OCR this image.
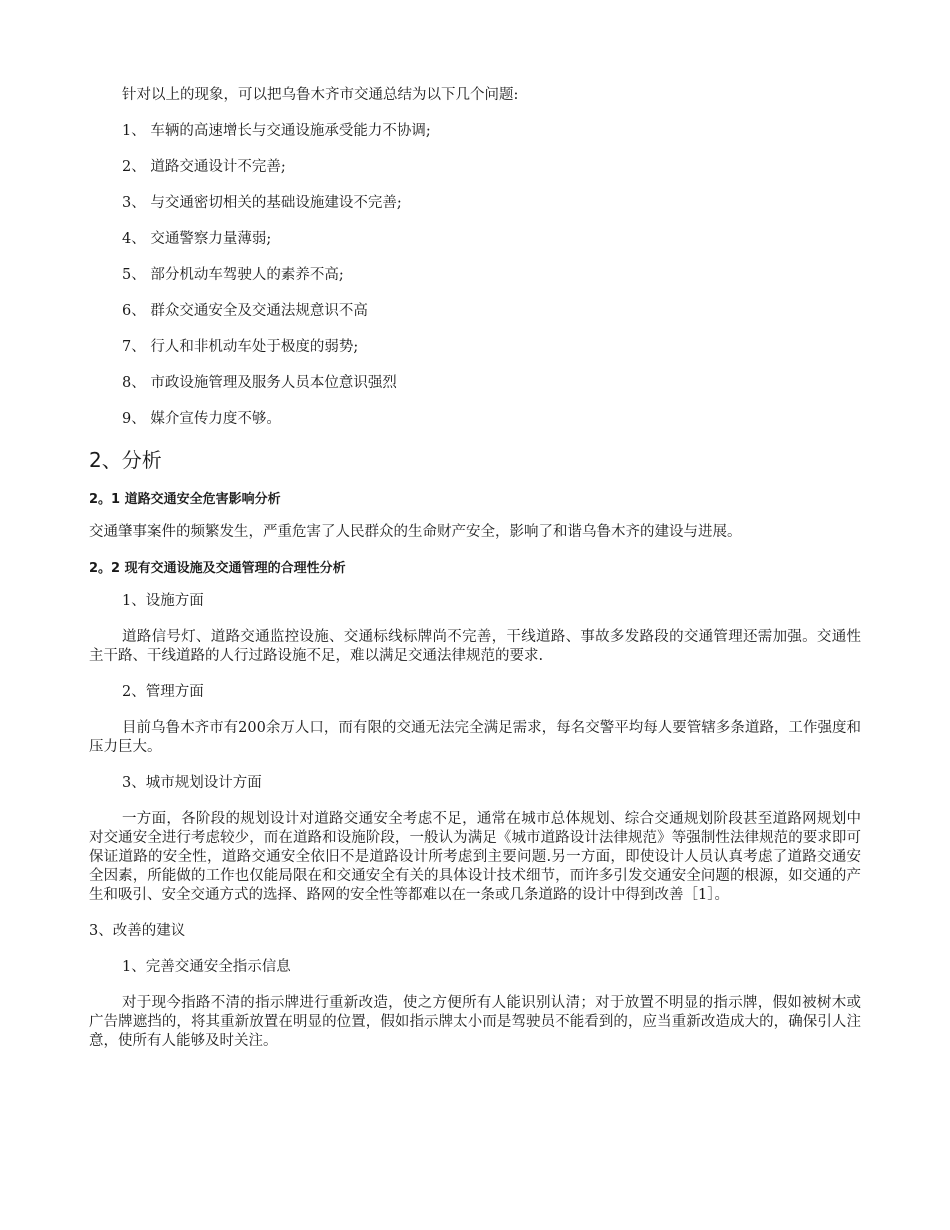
针对以上的现象，可以把乌鲁木齐市交通总结为以下几个问题:

1、 车辆的高速增长与交通设施承受能力不协调;

2、 道路交通设计不完善;

3、 与交通密切相关的基础设施建设不完善;

4、 交通警察力量薄弱;

5、 部分机动车驾驶人的素养不高;

6、 群众交通安全及交通法规意识不高

7、 行人和非机动车处于极度的弱势;

8、 市政设施管理及服务人员本位意识强烈

9、 媒介宣传力度不够。

2、分析
2。1 道路交通安全危害影响分析

交通肇事案件的频繁发生，严重危害了人民群众的生命财产安全，影响了和谐乌鲁木齐的建设与进展。

2。2 现有交通设施及交通管理的合理性分析

1、设施方面

道路信号灯、道路交通监控设施、交通标线标牌尚不完善，干线道路、事故多发路段的交通管理还需加强。交通性主干路、干线道路的人行过路设施不足，难以满足交通法律规范的要求.

2、管理方面

目前乌鲁木齐市有200余万人口，而有限的交通无法完全满足需求，每名交警平均每人要管辖多条道路，工作强度和压力巨大。

3、城市规划设计方面

一方面，各阶段的规划设计对道路交通安全考虑不足，通常在城市总体规划、综合交通规划阶段甚至道路网规划中对交通安全进行考虑较少，而在道路和设施阶段，一般认为满足《城市道路设计法律规范》等强制性法律规范的要求即可保证道路的安全性，道路交通安全依旧不是道路设计所考虑到主要问题.另一方面，即使设计人员认真考虑了道路交通安全因素，所能做的工作也仅能局限在和交通安全有关的具体设计技术细节，而许多引发交通安全问题的根源，如交通的产生和吸引、安全交通方式的选择、路网的安全性等都难以在一条或几条道路的设计中得到改善［1］。

3、改善的建议

1、完善交通安全指示信息

对于现今指路不清的指示牌进行重新改造，使之方便所有人能识别认清；对于放置不明显的指示牌，假如被树木或广告牌遮挡的，将其重新放置在明显的位置，假如指示牌太小而是驾驶员不能看到的，应当重新改造成大的，确保引人注意，使所有人能够及时关注。
